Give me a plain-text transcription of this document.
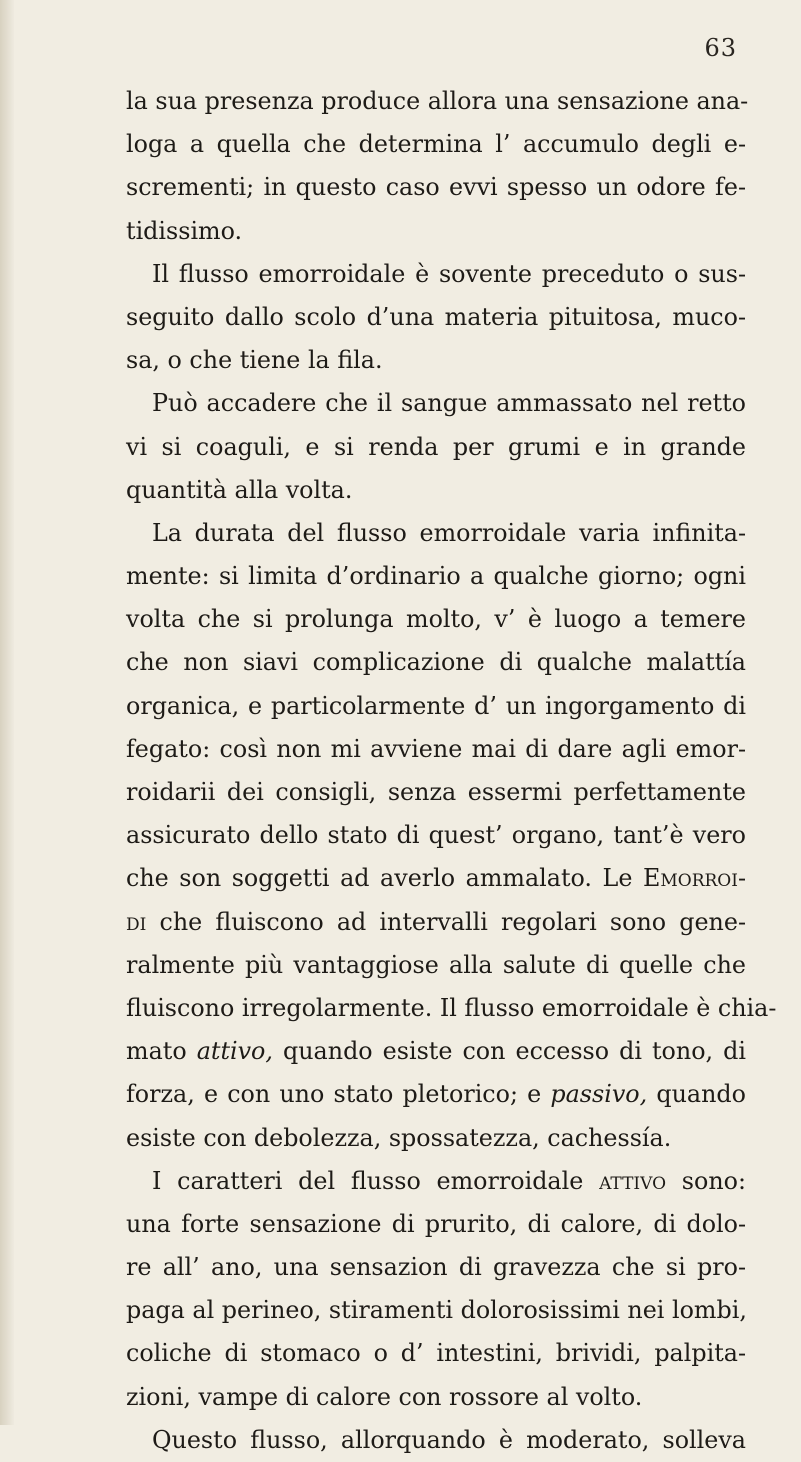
63
la sua presenza produce allora una sensazione ana-
loga a quella che determina l’ accumulo degli e-
scrementi; in questo caso evvi spesso un odore fe-
tidissimo.
Il flusso emorroidale è sovente preceduto o sus-
seguito dallo scolo d’una materia pituitosa, muco-
sa, o che tiene la fila.
Può accadere che il sangue ammassato nel retto
vi si coaguli, e si renda per grumi e in grande
quantità alla volta.
La durata del flusso emorroidale varia infinita-
mente: si limita d’ordinario a qualche giorno; ogni
volta che si prolunga molto, v’ è luogo a temere
che non siavi complicazione di qualche malattía
organica, e particolarmente d’ un ingorgamento di
fegato: così non mi avviene mai di dare agli emor-
roidarii dei consigli, senza essermi perfettamente
assicurato dello stato di quest’ organo, tant’è vero
che son soggetti ad averlo ammalato. Le Emorroi-
di che fluiscono ad intervalli regolari sono gene-
ralmente più vantaggiose alla salute di quelle che
fluiscono irregolarmente. Il flusso emorroidale è chia-
mato attivo, quando esiste con eccesso di tono, di
forza, e con uno stato pletorico; e passivo, quando
esiste con debolezza, spossatezza, cachessía.
I caratteri del flusso emorroidale attivo sono:
una forte sensazione di prurito, di calore, di dolo-
re all’ ano, una sensazion di gravezza che si pro-
paga al perineo, stiramenti dolorosissimi nei lombi,
coliche di stomaco o d’ intestini, brividi, palpita-
zioni, vampe di calore con rossore al volto.
Questo flusso, allorquando è moderato, solleva
